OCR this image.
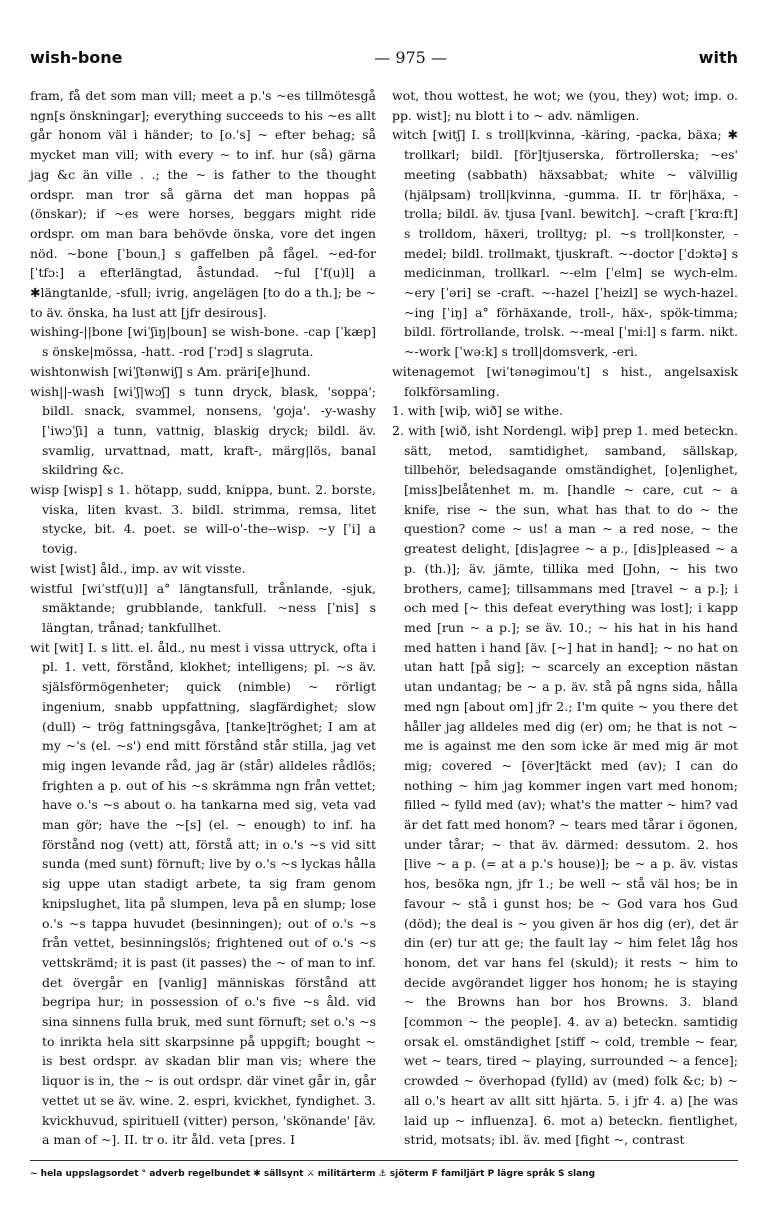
wish-bone	— 975 —	with

fram, få det som man vill; meet a p.'s ~es tillmötesgå ngn[s önskningar]; everything succeeds to his ~es allt går honom väl i händer; to [o.'s] ~ efter behag; så mycket man vill; with every ~ to inf. hur (så) gärna jag &c än ville . .; the ~ is father to the thought ordspr. man tror så gärna det man hoppas på (önskar); if ~es were horses, beggars might ride ordspr. om man bara behövde önska, vore det ingen nöd. ~bone [ˈbounˌ] s gaffelben på fågel. ~ed-for [ˈtfɔ:] a efterlängtad, åstundad. ~ful [ˈf(u)l] a ✱längtanlde, -sfull; ivrig, angelägen [to do a th.]; be ~ to äv. önska, ha lust att [jfr desirous].

wishing-||bone [wiˈʃiŋ|boun] se wish-bone. -cap [ˈkæp] s önske|mössa, -hatt. -rod [ˈrɔd] s slagruta.

wishtonwish [wiˈʃtənwiʃ] s Am. präri[e]hund.

wish||-wash [wiˈʃ|wɔʃ] s tunn dryck, blask, 'soppa'; bildl. snack, svammel, nonsens, 'goja'. -y-washy [ˈiwɔˈʃi] a tunn, vattnig, blaskig dryck; bildl. äv. svamlig, urvattnad, matt, kraft-, märg|lös, banal skildring &c.

wisp [wisp] s 1. hötapp, sudd, knippa, bunt. 2. borste, viska, liten kvast. 3. bildl. strimma, remsa, litet stycke, bit. 4. poet. se will-o'-the--wisp. ~y [ˈi] a tovig.

wist [wist] åld., imp. av wit visste.

wistful [wiˈstf(u)l] a° längtansfull, trånlande, -sjuk, smäktande; grubblande, tankfull. ~ness [ˈnis] s längtan, trånad; tankfullhet.

wit [wit] I. s litt. el. åld., nu mest i vissa uttryck, ofta i pl. 1. vett, förstånd, klokhet; intelligens; pl. ~s äv. själsförmögenheter; quick (nimble) ~ rörligt ingenium, snabb uppfattning, slagfärdighet; slow (dull) ~ trög fattningsgåva, [tanke]tröghet; I am at my ~'s (el. ~s') end mitt förstånd står stilla, jag vet mig ingen levande råd, jag är (står) alldeles rådlös; frighten a p. out of his ~s skrämma ngn från vettet; have o.'s ~s about o. ha tankarna med sig, veta vad man gör; have the ~[s] (el. ~ enough) to inf. ha förstånd nog (vett) att, förstå att; in o.'s ~s vid sitt sunda (med sunt) förnuft; live by o.'s ~s lyckas hålla sig uppe utan stadigt arbete, ta sig fram genom knipslughet, lita på slumpen, leva på en slump; lose o.'s ~s tappa huvudet (besinningen); out of o.'s ~s från vettet, besinningslös; frightened out of o.'s ~s vettskrämd; it is past (it passes) the ~ of man to inf. det övergår en [vanlig] människas förstånd att begripa hur; in possession of o.'s five ~s åld. vid sina sinnens fulla bruk, med sunt förnuft; set o.'s ~s to inrikta hela sitt skarpsinne på uppgift; bought ~ is best ordspr. av skadan blir man vis; where the liquor is in, the ~ is out ordspr. där vinet går in, går vettet ut se äv. wine. 2. espri, kvickhet, fyndighet. 3. kvickhuvud, spirituell (vitter) person, 'skönande' [äv. a man of ~]. II. tr o. itr åld. veta [pres. I

wot, thou wottest, he wot; we (you, they) wot; imp. o. pp. wist]; nu blott i to ~ adv. nämligen.

witch [witʃ] I. s troll|kvinna, -käring, -packa, bäxa; ✱ trollkarl; bildl. [för]tjuserska, förtrollerska; ~es' meeting (sabbath) häxsabbat; white ~ välvillig (hjälpsam) troll|kvinna, -gumma. II. tr för|häxa, -trolla; bildl. äv. tjusa [vanl. bewitch]. ~craft [ˈkrɑ:ft] s trolldom, häxeri, trolltyg; pl. ~s troll|konster, -medel; bildl. trollmakt, tjuskraft. ~-doctor [ˈdɔktə] s medicinman, trollkarl. ~-elm [ˈelm] se wych-elm. ~ery [ˈəri] se -craft. ~-hazel [ˈheizl] se wych-hazel. ~ing [ˈiŋ] a° förhäxande, troll-, häx-, spök-timma; bildl. förtrollande, trolsk. ~-meal [ˈmi:l] s farm. nikt. ~-work [ˈwə:k] s troll|domsverk, -eri.

witenagemot [wiˈtənəgimouˈt] s hist., angelsaxisk folkförsamling.

1. with [wiþ, wið] se withe.

2. with [wið, isht Nordengl. wiþ] prep 1. med beteckn. sätt, metod, samtidighet, samband, sällskap, tillbehör, beledsagande omständighet, [o]enlighet, [miss]belåtenhet m. m. [handle ~ care, cut ~ a knife, rise ~ the sun, what has that to do ~ the question? come ~ us! a man ~ a red nose, ~ the greatest delight, [dis]agree ~ a p., [dis]pleased ~ a p. (th.)]; äv. jämte, tillika med [John, ~ his two brothers, came]; tillsammans med [travel ~ a p.]; i och med [~ this defeat everything was lost]; i kapp med [run ~ a p.]; se äv. 10.; ~ his hat in his hand med hatten i hand [äv. [~] hat in hand]; ~ no hat on utan hatt [på sig]; ~ scarcely an exception nästan utan undantag; be ~ a p. äv. stå på ngns sida, hålla med ngn [about om] jfr 2.; I'm quite ~ you there det håller jag alldeles med dig (er) om; he that is not ~ me is against me den som icke är med mig är mot mig; covered ~ [över]täckt med (av); I can do nothing ~ him jag kommer ingen vart med honom; filled ~ fylld med (av); what's the matter ~ him? vad är det fatt med honom? ~ tears med tårar i ögonen, under tårar; ~ that äv. därmed: dessutom. 2. hos [live ~ a p. (= at a p.'s house)]; be ~ a p. äv. vistas hos, besöka ngn, jfr 1.; be well ~ stå väl hos; be in favour ~ stå i gunst hos; be ~ God vara hos Gud (död); the deal is ~ you given är hos dig (er), det är din (er) tur att ge; the fault lay ~ him felet låg hos honom, det var hans fel (skuld); it rests ~ him to decide avgörandet ligger hos honom; he is staying ~ the Browns han bor hos Browns. 3. bland [common ~ the people]. 4. av a) beteckn. samtidig orsak el. omständighet [stiff ~ cold, tremble ~ fear, wet ~ tears, tired ~ playing, surrounded ~ a fence]; crowded ~ överhopad (fylld) av (med) folk &c; b) ~ all o.'s heart av allt sitt hjärta. 5. i jfr 4. a) [he was laid up ~ influenza]. 6. mot a) beteckn. fientlighet, strid, motsats; ibl. äv. med [fight ~, contrast

~ hela uppslagsordet ° adverb regelbundet ✱ sällsynt ⚔ militärterm ⚓ sjöterm F familjärt P lägre språk S slang
